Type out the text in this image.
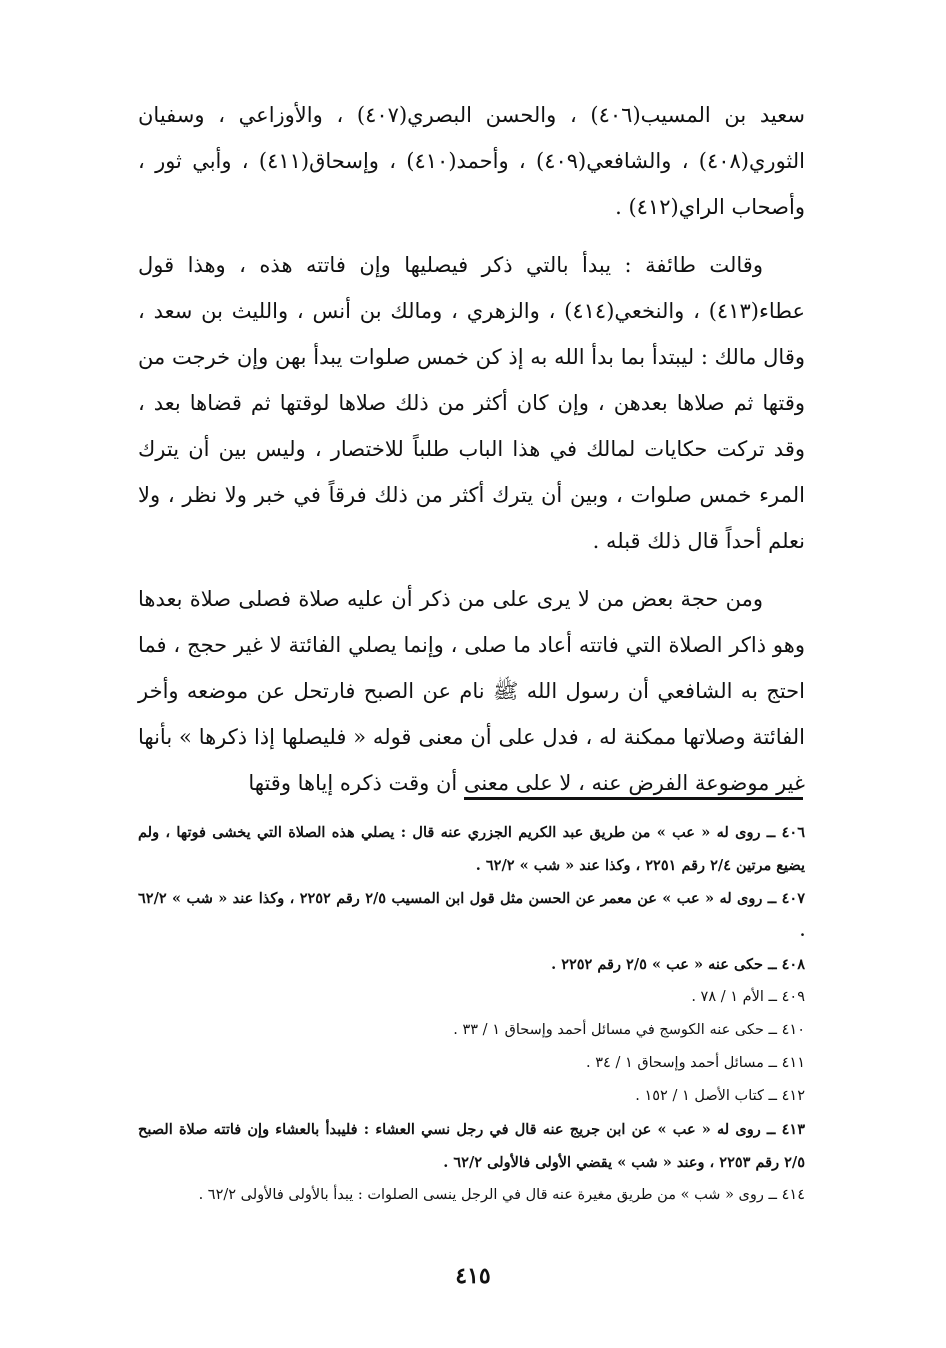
سعيد بن المسيب(٤٠٦) ، والحسن البصري(٤٠٧) ، والأوزاعي ، وسفيان الثوري(٤٠٨) ، والشافعي(٤٠٩) ، وأحمد(٤١٠) ، وإسحاق(٤١١) ، وأبي ثور ، وأصحاب الراي(٤١٢) .

وقالت طائفة : يبدأ بالتي ذكر فيصليها وإن فاتته هذه ، وهذا قول عطاء(٤١٣) ، والنخعي(٤١٤) ، والزهري ، ومالك بن أنس ، والليث بن سعد ، وقال مالك : ليبتدأ بما بدأ الله به إذ كن خمس صلوات يبدأ بهن وإن خرجت من وقتها ثم صلاها بعدهن ، وإن كان أكثر من ذلك صلاها لوقتها ثم قضاها بعد ، وقد تركت حكايات لمالك في هذا الباب طلباً للاختصار ، وليس بين أن يترك المرء خمس صلوات ، وبين أن يترك أكثر من ذلك فرقاً في خبر ولا نظر ، ولا نعلم أحداً قال ذلك قبله .

ومن حجة بعض من لا يرى على من ذكر أن عليه صلاة فصلى صلاة بعدها وهو ذاكر الصلاة التي فاتته أعاد ما صلى ، وإنما يصلي الفائتة لا غير حجج ، فما احتج به الشافعي أن رسول الله ﷺ نام عن الصبح فارتحل عن موضعه وأخر الفائتة وصلاتها ممكنة له ، فدل على أن معنى قوله « فليصلها إذا ذكرها » بأنها غير موضوعة الفرض عنه ، لا على معنى أن وقت ذكره إياها وقتها

٤٠٦ ــ روى له « عب » من طريق عبد الكريم الجزري عنه قال : يصلي هذه الصلاة التي يخشى فوتها ، ولم يضيع مرتين ٢/٤ رقم ٢٢٥١ ، وكذا عند « شب » ٦٢/٢ .

٤٠٧ ــ روى له « عب » عن معمر عن الحسن مثل قول ابن المسيب ٢/٥ رقم ٢٢٥٢ ، وكذا عند « شب » ٦٢/٢ .

٤٠٨ ــ حكى عنه « عب » ٢/٥ رقم ٢٢٥٢ .

٤٠٩ ــ الأم ١ / ٧٨ .

٤١٠ ــ حكى عنه الكوسج في مسائل أحمد وإسحاق ١ / ٣٣ .

٤١١ ــ مسائل أحمد وإسحاق ١ / ٣٤ .

٤١٢ ــ كتاب الأصل ١ / ١٥٢ .

٤١٣ ــ روى له « عب » عن ابن جريج عنه قال في رجل نسي العشاء : فليبدأ بالعشاء وإن فاتته صلاة الصبح ٢/٥ رقم ٢٢٥٣ ، وعند « شب » يقضي الأولى فالأولى ٦٢/٢ .

٤١٤ ــ روى « شب » من طريق مغيرة عنه قال في الرجل ينسى الصلوات : يبدأ بالأولى فالأولى ٦٢/٢ .

٤١٥
